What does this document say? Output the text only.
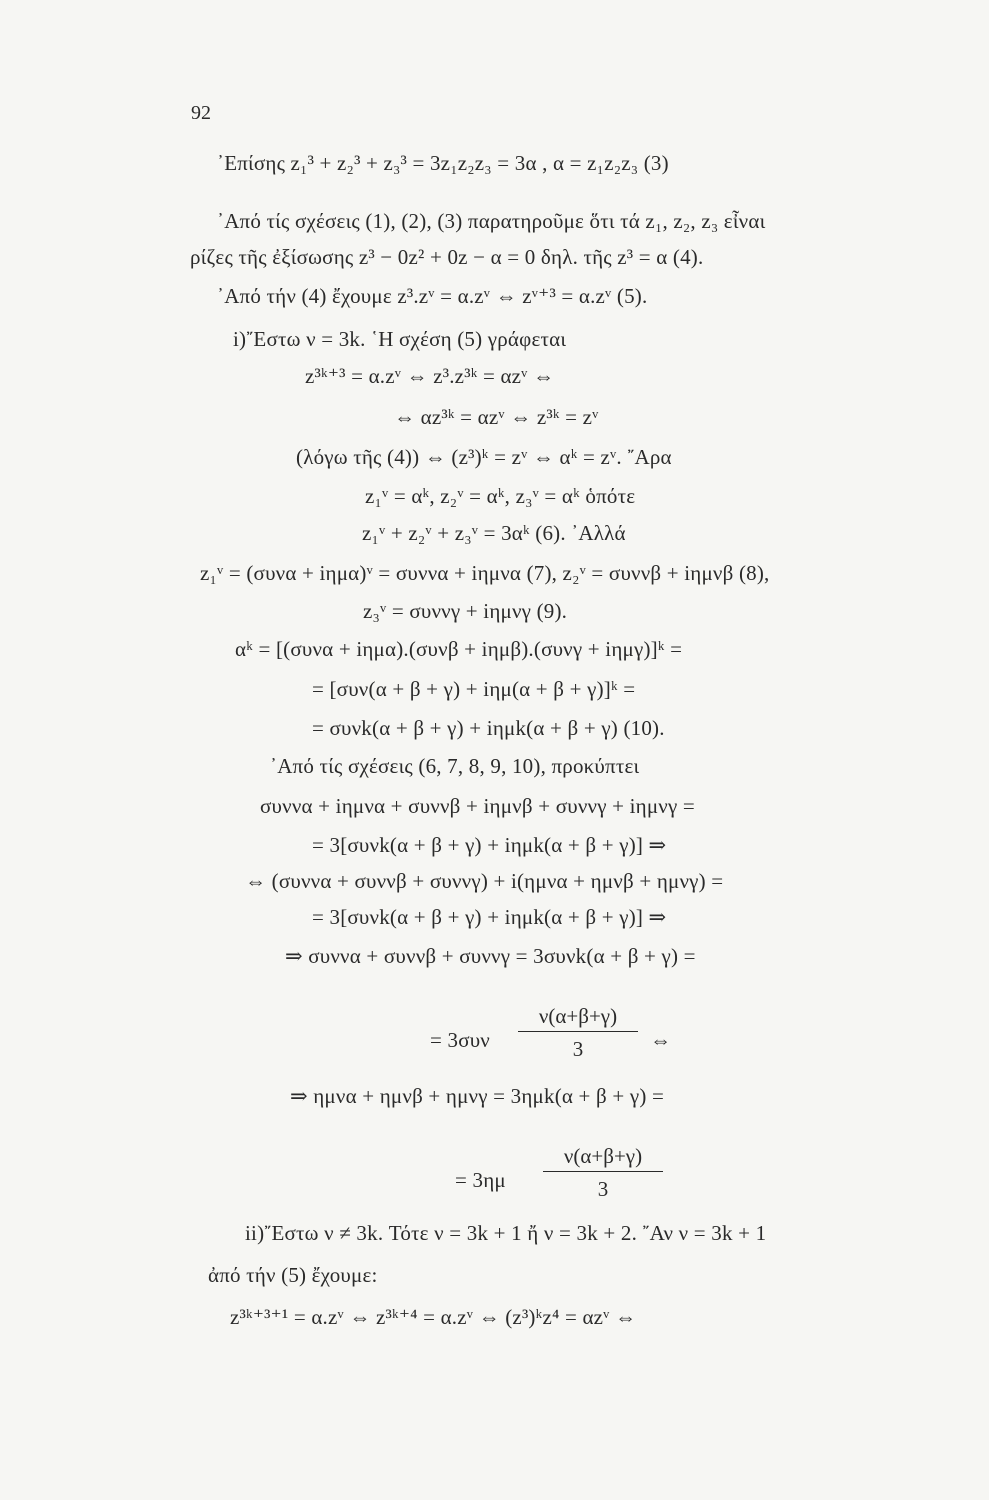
92
᾿Επίσης z₁³ + z₂³ + z₃³ = 3z₁z₂z₃ = 3α , α = z₁z₂z₃ (3)
᾿Από τίς σχέσεις (1), (2), (3) παρατηροῦμε ὅτι τά z₁, z₂, z₃ εἶναι
ρίζες τῆς ἐξίσωσης z³ − 0z² + 0z − α = 0 δηλ. τῆς z³ = α (4).
᾿Από τήν (4) ἔχουμε z³.zᵛ = α.zᵛ ⇔ zᵛ⁺³ = α.zᵛ (5).
i)῎Εστω ν = 3k. ῾Η σχέση (5) γράφεται
z³ᵏ⁺³ = α.zᵛ ⇔ z³.z³ᵏ = αzᵛ ⇔
⇔ αz³ᵏ = αzᵛ ⇔ z³ᵏ = zᵛ
(λόγω τῆς (4)) ⇔ (z³)ᵏ = zᵛ ⇔ αᵏ = zᵛ. ῎Αρα
z₁ᵛ = αᵏ, z₂ᵛ = αᵏ, z₃ᵛ = αᵏ ὁπότε
z₁ᵛ + z₂ᵛ + z₃ᵛ = 3αᵏ (6). ᾿Αλλά
z₁ᵛ = (συνα + iημα)ᵛ = συννα + iημνα (7), z₂ᵛ = συννβ + iημνβ (8),
z₃ᵛ = συννγ + iημνγ (9).
αᵏ = [(συνα + iημα).(συνβ + iημβ).(συνγ + iημγ)]ᵏ =
= [συν(α + β + γ) + iημ(α + β + γ)]ᵏ =
= συνk(α + β + γ) + iημk(α + β + γ) (10).
᾿Από τίς σχέσεις (6, 7, 8, 9, 10), προκύπτει
συννα + iημνα + συννβ + iημνβ + συννγ + iημνγ =
= 3[συνk(α + β + γ) + iημk(α + β + γ)] ⇒
⇔ (συννα + συννβ + συννγ) + i(ημνα + ημνβ + ημνγ) =
= 3[συνk(α + β + γ) + iημk(α + β + γ)] ⇒
⇒ συννα + συννβ + συννγ = 3συνk(α + β + γ) =
= 3συν
ν(α+β+γ)
3	⇔
⇒ ημνα + ημνβ + ημνγ = 3ημk(α + β + γ) =
= 3ημ
ν(α+β+γ)
3
ii)῎Εστω ν ≠ 3k. Τότε ν = 3k + 1 ἤ ν = 3k + 2. ῎Αν ν = 3k + 1
ἀπό τήν (5) ἔχουμε:
z³ᵏ⁺³⁺¹ = α.zᵛ ⇔ z³ᵏ⁺⁴ = α.zᵛ ⇔ (z³)ᵏz⁴ = αzᵛ ⇔
